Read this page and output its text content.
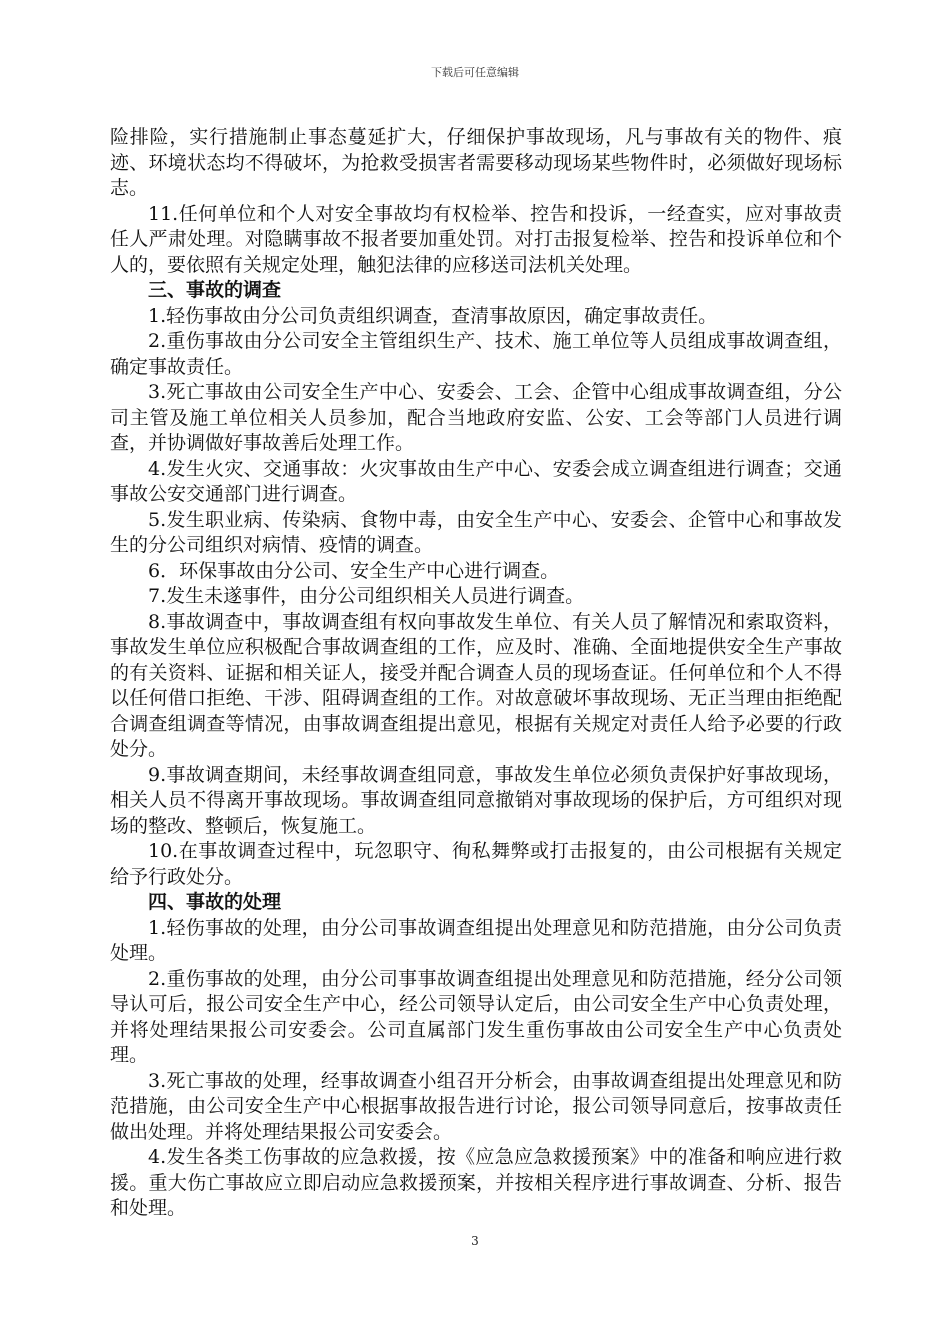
下载后可任意编辑

险排险，实行措施制止事态蔓延扩大，仔细保护事故现场，凡与事故有关的物件、痕迹、环境状态均不得破坏，为抢救受损害者需要移动现场某些物件时，必须做好现场标志。

11.任何单位和个人对安全事故均有权检举、控告和投诉，一经查实，应对事故责任人严肃处理。对隐瞒事故不报者要加重处罚。对打击报复检举、控告和投诉单位和个人的，要依照有关规定处理，触犯法律的应移送司法机关处理。

三、事故的调查

1.轻伤事故由分公司负责组织调查，查清事故原因，确定事故责任。

2.重伤事故由分公司安全主管组织生产、技术、施工单位等人员组成事故调查组，确定事故责任。

3.死亡事故由公司安全生产中心、安委会、工会、企管中心组成事故调查组，分公司主管及施工单位相关人员参加，配合当地政府安监、公安、工会等部门人员进行调查，并协调做好事故善后处理工作。

4.发生火灾、交通事故：火灾事故由生产中心、安委会成立调查组进行调查；交通事故公安交通部门进行调查。

5.发生职业病、传染病、食物中毒，由安全生产中心、安委会、企管中心和事故发生的分公司组织对病情、疫情的调查。

6．环保事故由分公司、安全生产中心进行调查。

7.发生未遂事件，由分公司组织相关人员进行调查。

8.事故调查中，事故调查组有权向事故发生单位、有关人员了解情况和索取资料，事故发生单位应积极配合事故调查组的工作，应及时、准确、全面地提供安全生产事故的有关资料、证据和相关证人，接受并配合调查人员的现场查证。任何单位和个人不得以任何借口拒绝、干涉、阻碍调查组的工作。对故意破坏事故现场、无正当理由拒绝配合调查组调查等情况，由事故调查组提出意见，根据有关规定对责任人给予必要的行政处分。

9.事故调查期间，未经事故调查组同意，事故发生单位必须负责保护好事故现场，相关人员不得离开事故现场。事故调查组同意撤销对事故现场的保护后，方可组织对现场的整改、整顿后，恢复施工。

10.在事故调查过程中，玩忽职守、徇私舞弊或打击报复的，由公司根据有关规定给予行政处分。

四、事故的处理

1.轻伤事故的处理，由分公司事故调查组提出处理意见和防范措施，由分公司负责处理。

2.重伤事故的处理，由分公司事事故调查组提出处理意见和防范措施，经分公司领导认可后，报公司安全生产中心，经公司领导认定后，由公司安全生产中心负责处理，并将处理结果报公司安委会。公司直属部门发生重伤事故由公司安全生产中心负责处理。

3.死亡事故的处理，经事故调查小组召开分析会，由事故调查组提出处理意见和防范措施，由公司安全生产中心根据事故报告进行讨论，报公司领导同意后，按事故责任做出处理。并将处理结果报公司安委会。

4.发生各类工伤事故的应急救援，按《应急应急救援预案》中的准备和响应进行救援。重大伤亡事故应立即启动应急救援预案，并按相关程序进行事故调查、分析、报告和处理。

3
